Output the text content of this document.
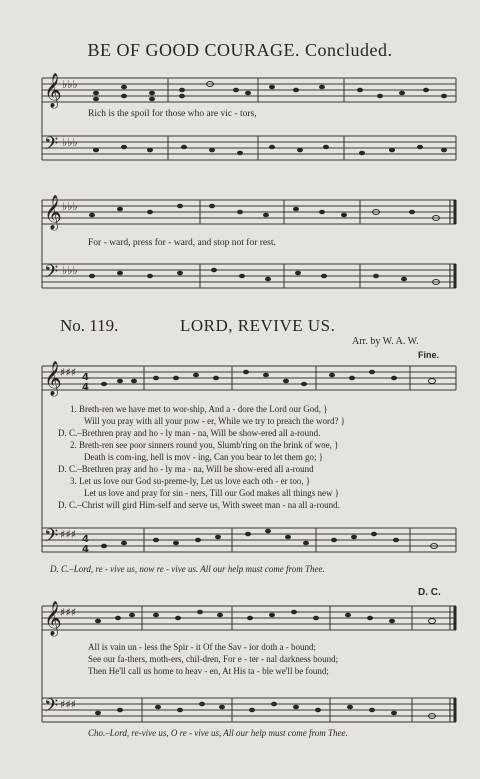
BE OF GOOD COURAGE. Concluded.
𝄞
𝄢
𝄞
𝄢
𝄞
𝄢
𝄞
𝄢
♭♭♭
♭♭♭
♭♭♭
♭♭♭
♯♯♯
♯♯♯
♯♯♯
♯♯♯
4
4
4
4
Rich is the spoil for those who are vic - tors,
For - ward, press for - ward, and stop not for rest.
No. 119.	LORD, REVIVE US.
Arr. by W. A. W.
Fine.
1. Breth-ren we have met to wor-ship, And a - dore the Lord our God, }
Will you pray with all your pow - er, While we try to preach the word? }
D. C.–Brethren pray and ho - ly man - na, Will be show-ered all a-round.
2. Breth-ren see poor sinners round you, Slumb'ring on the brink of woe, }
Death is com-ing, hell is mov - ing, Can you bear to let them go; }
D. C.–Brethren pray and ho - ly ma - na, Will be show-ered all a-round
3. Let us love our God su-preme-ly, Let us love each oth - er too, }
Let us love and pray for sin - ners, Till our God makes all things new }
D. C.–Christ will gird Him-self and serve us, With sweet man - na all a-round.
D. C.–Lord, re - vive us, now re - vive us. All our help must come from Thee.
D. C.
All is vain un - less the Spir - it Of the Sav - ior doth a - bound;
See our fa-thers, moth-ers, chil-dren, For e - ter - nal darkness bound;
Then He'll call us home to heav - en, At His ta - ble we'll be found;
Cho.–Lord, re-vive us, O re - vive us, All our help must come from Thee.
